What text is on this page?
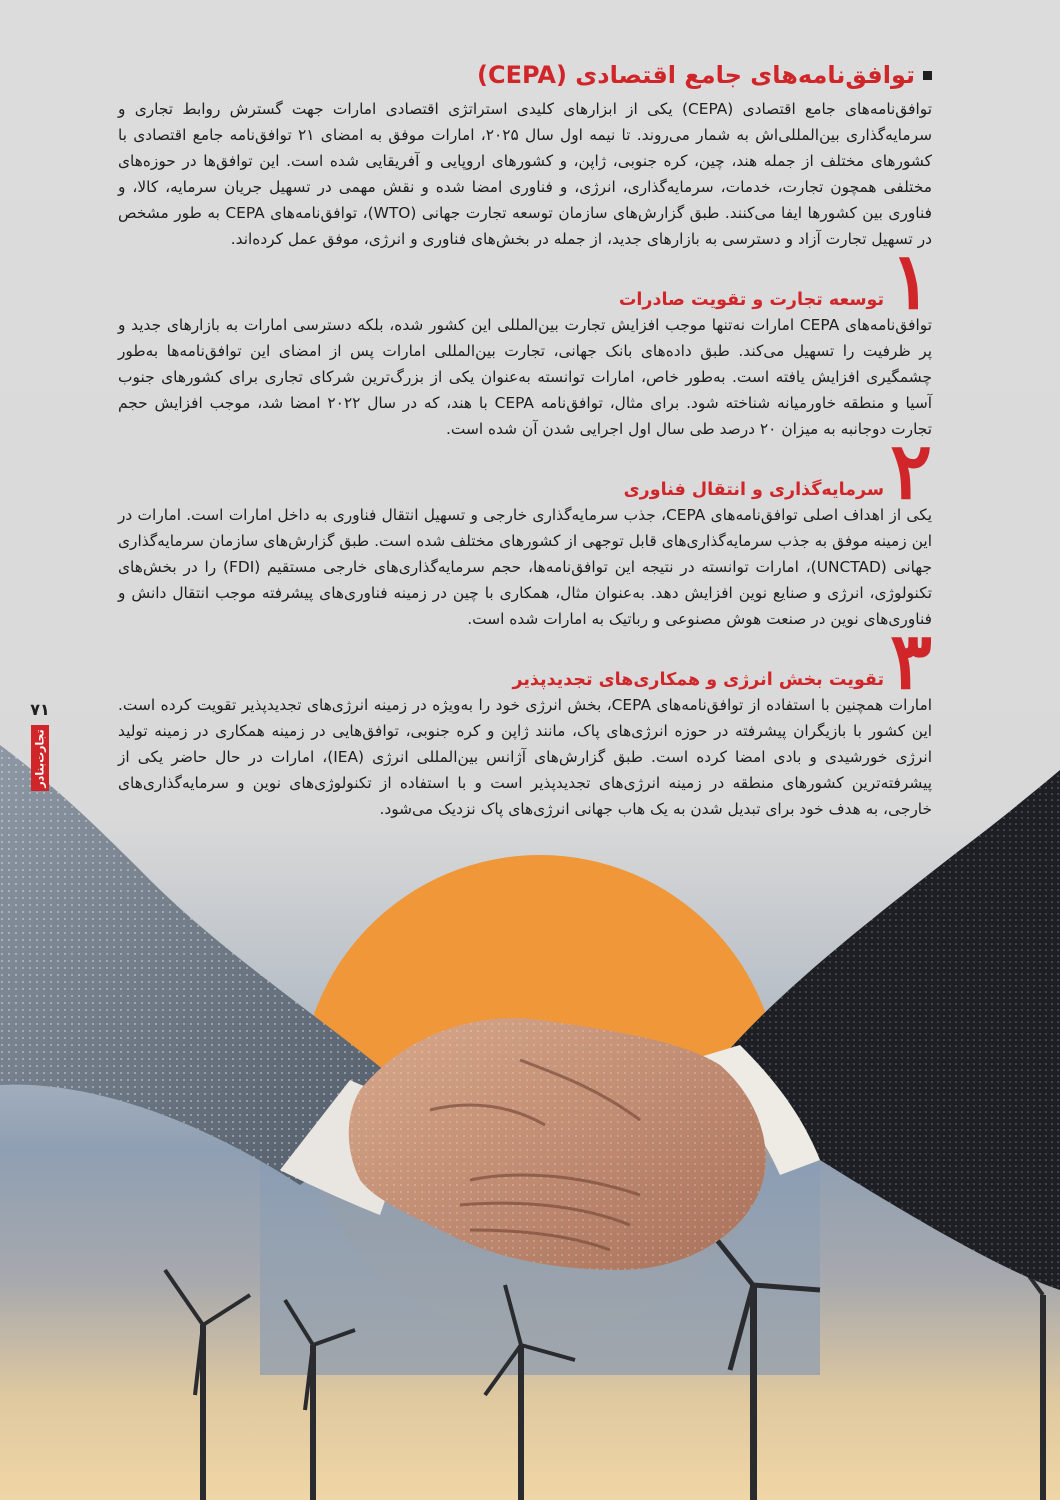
۷۱
تجارت‌بنادر
توافق‌نامه‌های جامع اقتصادی (CEPA)

توافق‌نامه‌های جامع اقتصادی (CEPA) یکی از ابزارهای کلیدی استراتژی اقتصادی امارات جهت گسترش روابط تجاری و سرمایه‌گذاری بین‌المللی‌اش به شمار می‌روند. تا نیمه اول سال ۲۰۲۵، امارات موفق به امضای ۲۱ توافق‌نامه جامع اقتصادی با کشورهای مختلف از جمله هند، چین، کره جنوبی، ژاپن، و کشورهای اروپایی و آفریقایی شده است. این توافق‌ها در حوزه‌های مختلفی همچون تجارت، خدمات، سرمایه‌گذاری، انرژی، و فناوری امضا شده و نقش مهمی در تسهیل جریان سرمایه، کالا، و فناوری بین کشورها ایفا می‌کنند. طبق گزارش‌های سازمان توسعه تجارت جهانی (WTO)، توافق‌نامه‌های CEPA به طور مشخص در تسهیل تجارت آزاد و دسترسی به بازارهای جدید، از جمله در بخش‌های فناوری و انرژی، موفق عمل کرده‌اند.

۱
توسعه تجارت و تقویت صادرات

توافق‌نامه‌های CEPA امارات نه‌تنها موجب افزایش تجارت بین‌المللی این کشور شده، بلکه دسترسی امارات به بازارهای جدید و پر ظرفیت را تسهیل می‌کند. طبق داده‌های بانک جهانی، تجارت بین‌المللی امارات پس از امضای این توافق‌نامه‌ها به‌طور چشمگیری افزایش یافته است. به‌طور خاص، امارات توانسته به‌عنوان یکی از بزرگ‌ترین شرکای تجاری برای کشورهای جنوب آسیا و منطقه خاورمیانه شناخته شود. برای مثال، توافق‌نامه CEPA با هند، که در سال ۲۰۲۲ امضا شد، موجب افزایش حجم تجارت دوجانبه به میزان ۲۰ درصد طی سال اول اجرایی شدن آن شده است.

۲
سرمایه‌گذاری و انتقال فناوری

یکی از اهداف اصلی توافق‌نامه‌های CEPA، جذب سرمایه‌گذاری خارجی و تسهیل انتقال فناوری به داخل امارات است. امارات در این زمینه موفق به جذب سرمایه‌گذاری‌های قابل توجهی از کشورهای مختلف شده است. طبق گزارش‌های سازمان سرمایه‌گذاری جهانی (UNCTAD)، امارات توانسته در نتیجه این توافق‌نامه‌ها، حجم سرمایه‌گذاری‌های خارجی مستقیم (FDI) را در بخش‌های تکنولوژی، انرژی و صنایع نوین افزایش دهد. به‌عنوان مثال، همکاری با چین در زمینه فناوری‌های پیشرفته موجب انتقال دانش و فناوری‌های نوین در صنعت هوش مصنوعی و رباتیک به امارات شده است.

۳
تقویت بخش انرژی و همکاری‌های تجدیدپذیر

امارات همچنین با استفاده از توافق‌نامه‌های CEPA، بخش انرژی خود را به‌ویژه در زمینه انرژی‌های تجدیدپذیر تقویت کرده است. این کشور با بازیگران پیشرفته در حوزه انرژی‌های پاک، مانند ژاپن و کره جنوبی، توافق‌هایی در زمینه همکاری در زمینه تولید انرژی خورشیدی و بادی امضا کرده است. طبق گزارش‌های آژانس بین‌المللی انرژی (IEA)، امارات در حال حاضر یکی از پیشرفته‌ترین کشورهای منطقه در زمینه انرژی‌های تجدیدپذیر است و با استفاده از تکنولوژی‌های نوین و سرمایه‌گذاری‌های خارجی، به هدف خود برای تبدیل شدن به یک هاب جهانی انرژی‌های پاک نزدیک می‌شود.
